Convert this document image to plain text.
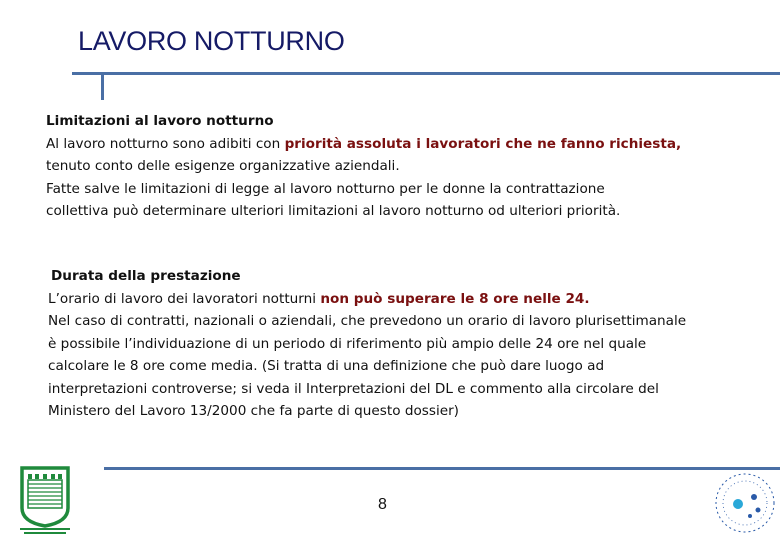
LAVORO NOTTURNO

Limitazioni al lavoro notturno

Al lavoro notturno sono adibiti con priorità assoluta i lavoratori che ne fanno richiesta,

tenuto conto delle esigenze organizzative aziendali.

Fatte salve le limitazioni di legge al lavoro notturno per le donne la contrattazione

collettiva può determinare ulteriori limitazioni al lavoro notturno od ulteriori priorità.

Durata della prestazione

L’orario di lavoro dei lavoratori notturni non può superare le 8 ore nelle 24.

Nel caso di contratti, nazionali o aziendali, che prevedono un orario di lavoro plurisettimanale

è possibile l’individuazione di un periodo di riferimento più ampio delle 24 ore nel quale

calcolare le 8 ore come media. (Si tratta di una definizione che può dare luogo ad

interpretazioni controverse; si veda il Interpretazioni del DL e commento alla circolare del

Ministero del Lavoro 13/2000 che fa parte di questo dossier)

8
